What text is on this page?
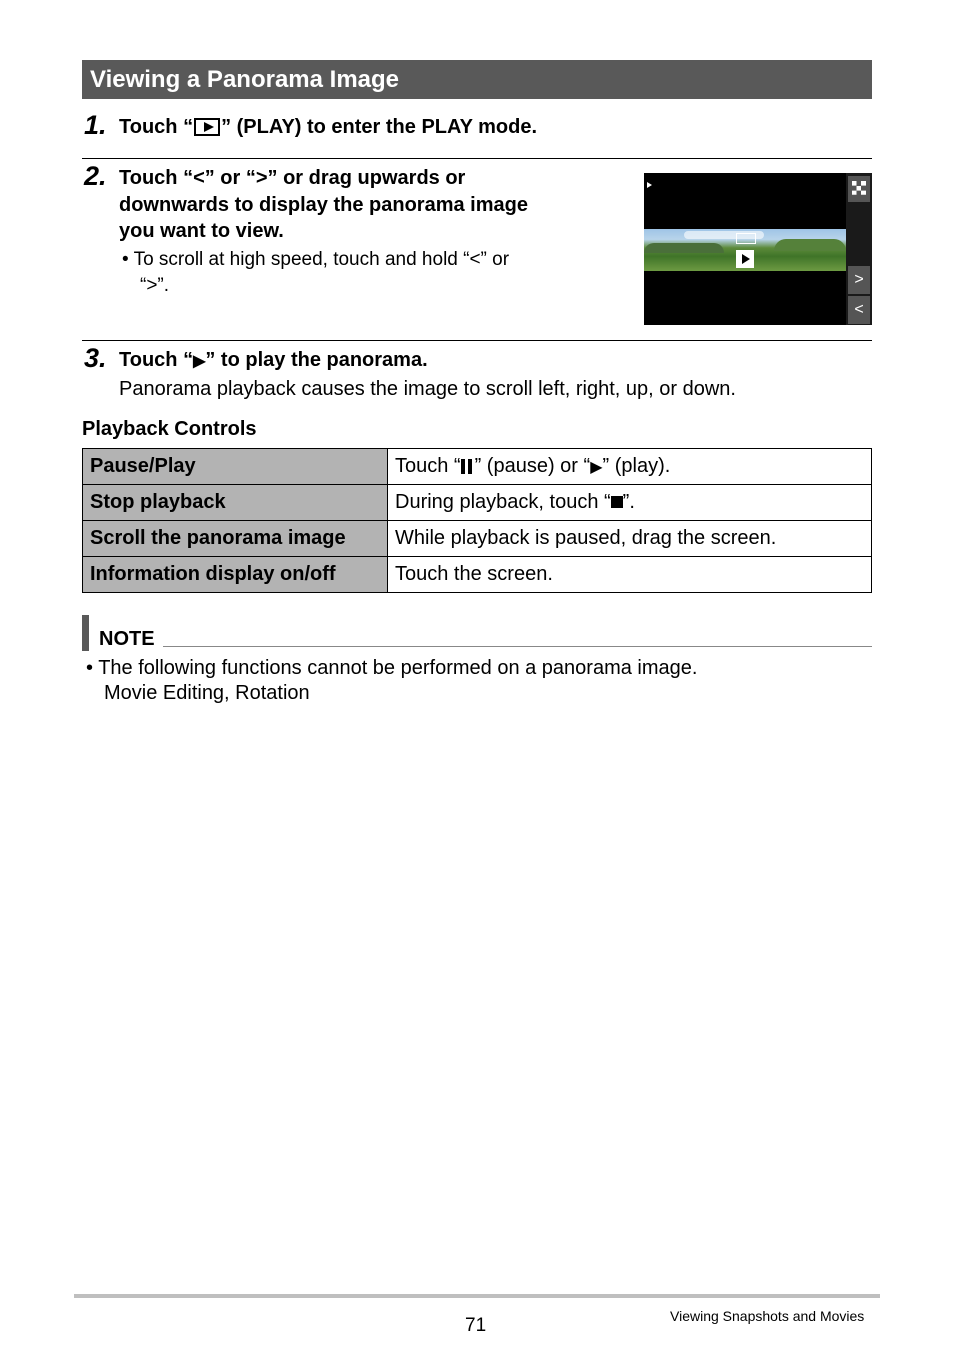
Viewing a Panorama Image
1. Touch “ ” (PLAY) to enter the PLAY mode.
2. Touch “<” or “>” or drag upwards or
downwards to display the panorama image
you want to view.
• To scroll at high speed, touch and hold “<” or
“>”.	>
<
3. Touch “▶” to play the panorama.
Panorama playback causes the image to scroll left, right, up, or down.
Playback Controls
Pause/Play	Touch “ ” (pause) or “▶” (play).
Stop playback	During playback, touch “ ”.
Scroll the panorama image	While playback is paused, drag the screen.
Information display on/off	Touch the screen.
NOTE
• The following functions cannot be performed on a panorama image.
Movie Editing, Rotation
71	Viewing Snapshots and Movies
